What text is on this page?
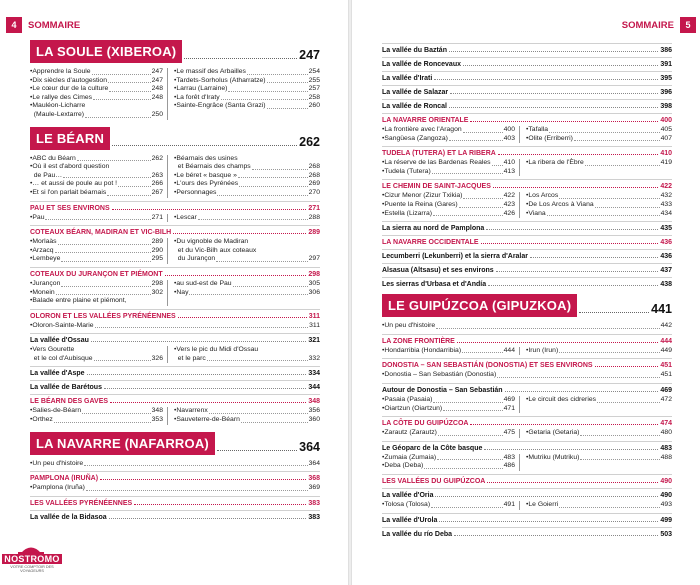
4	SOMMAIRE
LA SOULE (XIBEROA)	247
• Apprendre la Soule	247
• Dix siècles d'autogestion	247
• Le cœur dur de la culture	248
• Le rallye des Cimes	248
• Mauléon-Licharre

(Maule-Lextarre)	250
• Le massif des Arbailles	254
• Tardets-Sorholus (Atharratze)	255
• Larrau (Larraine)	257
• La forêt d'Iraty	258
• Sainte-Engrâce (Santa Grazi)	260
LE BÉARN	262
• ABC du Béarn	262
• Où il est d'abord question

de Pau…	263
• … et aussi de poule au pot !	266
• Et si l'on parlait béarnais	267
• Béarnais des usines

et Béarnais des champs	268
• Le béret « basque »	268
• L'ours des Pyrénées	269
• Personnages	270
PAU ET SES ENVIRONS	271
• Pau	271 • Lescar	288
COTEAUX BÉARN, MADIRAN ET VIC-BILH	289
• Morlaàs	289
• Arzacq	290
• Lembeye	295
• Du vignoble de Madiran

et du Vic-Bilh aux coteaux

du Jurançon	297
COTEAUX DU JURANÇON ET PIÉMONT	298
• Jurançon	298
• Monein	302
• Balade entre plaine et piémont,
• au sud-est de Pau	305
• Nay	306
OLORON ET LES VALLÉES PYRÉNÉENNES	311
• Oloron-Sainte-Marie	311
La vallée d'Ossau	321
• Vers Gourette

et le col d'Aubisque	326
• Vers le pic du Midi d'Ossau

et le parc	332
La vallée d'Aspe	334
La vallée de Barétous	344
LE BÉARN DES GAVES	348
• Salies-de-Béarn	348
• Orthez	353
• Navarrenx	356
• Sauveterre-de-Béarn	360
LA NAVARRE (NAFARROA)	364
• Un peu d'histoire	364
PAMPLONA (IRUÑA)	368
• Pamplona (Iruña)	369
LES VALLÉES PYRÉNÉENNES	383
La vallée de la Bidasoa	383
NOSTROMO
VOTRE COMPTOIR DES VOYAGEURS
SOMMAIRE	5
La vallée du Baztán	386
La vallée de Roncevaux	391
La vallée d'Irati	395
La vallée de Salazar	396
La vallée de Roncal	398
LA NAVARRE ORIENTALE	400
• La frontière avec l'Aragon	400
• Sangüesa (Zangoza)	403
• Tafalla	405
• Olite (Erriberri)	407
TUDELA (TUTERA) ET LA RIBERA	410
• La réserve de las Bardenas Reales 410
• Tudela (Tutera)	413
• La ribera de l'Èbre	419
LE CHEMIN DE SAINT-JACQUES	422
• Cizur Menor (Zizur Txikia)	422
• Puente la Reina (Gares)	423
• Estella (Lizarra)	426
• Los Arcos	432
• De Los Arcos à Viana	433
• Viana	434
La sierra au nord de Pamplona	435
LA NAVARRE OCCIDENTALE	436
Lecumberri (Lekunberri) et la sierra d'Aralar	436
Alsasua (Altsasu) et ses environs	437
Les sierras d'Urbasa et d'Andía	438
LE GUIPÚZCOA (GIPUZKOA)	441
• Un peu d'histoire	442
LA ZONE FRONTIÈRE	444
• Hondarribia (Hondarribia)	444 • Irun (Irun)	449
DONOSTIA – SAN SEBASTIÁN (DONOSTIA) ET SES ENVIRONS	451
• Donostia – San Sebastián (Donostia)	451
Autour de Donostia – San Sebastián	469
• Pasaia (Pasaia)	469
• Oiartzun (Oiartzun)	471
• Le circuit des cidreries	472
LA CÔTE DU GUIPÚZCOA	474
• Zarautz (Zarautz)	475 • Getaria (Getaria)	480
Le Géoparc de la Côte basque	483
• Zumaia (Zumaia)	483
• Deba (Deba)	486
• Mutriku (Mutriku)	488
LES VALLÉES DU GUIPÚZCOA	490
La vallée d'Oria	490
• Tolosa (Tolosa)	491 • Le Goierri	493
La vallée d'Urola	499
La vallée du río Deba	503
